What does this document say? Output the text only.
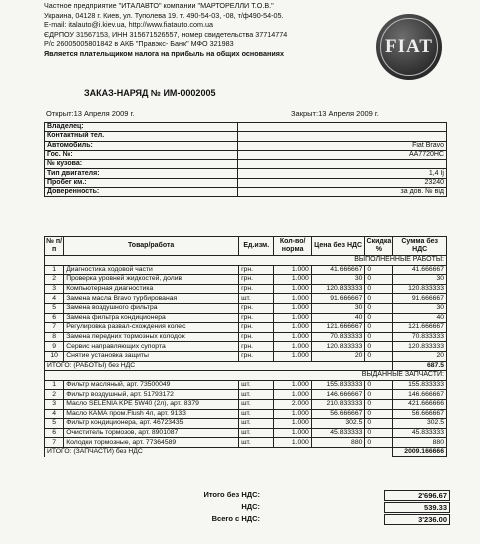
Частное предприятие "ИТАЛАВТО" компании "МАРТОРЕЛЛИ Т.О.В."
Украина, 04128 г. Киев, ул. Туполева 19. т. 490-54-03, -08, т/ф490-54-05.
E-mail: italauto@i.kiev.ua, http://www.fiatauto.com.ua
ЄДРПОУ 31567153, ИНН 315671526557, номер свидетельства 37714774
Р/с 26005005801842 в АКБ "Правэкс- Банк" МФО 321983
Является плательщиком налога на прибыль на общих основаниях	FIAT
ЗАКАЗ-НАРЯД № ИМ-0002005
Открыт:13 Апреля 2009 г.	Закрыт:13 Апреля 2009 г.
Владелец:	
Контактный тел.	
Автомобиль:	Fiat Bravo
Гос. №:	AA7720HC
№ кузова:	
Тип двигателя:	1,4 Ij
Пробег км.:	23240
Доверенность:	за дов. № від
№ п/п	Товар/работа	Ед.изм.	Кол-во/ норма	Цена без НДС	Скидка %	Сумма без НДС
ВЫПОЛНЕННЫЕ РАБОТЫ:						
1	Диагностика ходовой части	грн.	1.000	41.666667	0	41.666667
2	Проверка уровней жидкостей, долив	грн.	1.000	30	0	30
3	Компьютерная диагностика	грн.	1.000	120.833333	0	120.833333
4	Замена масла Bravo турбированая	шт.	1.000	91.666667	0	91.666667
5	Замена воздушного фильтра	грн.	1.000	30	0	30
6	Замена фильтра кондиционера	грн.	1.000	40	0	40
7	Регулировка развал-схождения колес	грн.	1.000	121.666667	0	121.666667
8	Замена передних тормозных колодок	грн.	1.000	70.833333	0	70.833333
9	Сервис направляющих супорта	грн.	1.000	120.833333	0	120.833333
10	Снятие установка защиты	грн.	1.000	20	0	20
ИТОГО: (РАБОТЫ) без НДС						687.5
ВЫДАННЫЕ ЗАПЧАСТИ:						
1	Фильтр масляный, арт. 73500049	шт.	1.000	155.833333	0	155.833333
2	Фильтр воздушный, арт. 51793172	шт.	1.000	146.666667	0	146.666667
3	Масло SELENIA KPE 5W40 (2л), арт. 8379	шт.	2.000	210.833333	0	421.666666
4	Масло КАМА пром.Flush 4л, арт. 9133	шт.	1.000	56.666667	0	56.666667
5	Фильтр кондиционера, арт. 46723435	шт.	1.000	302.5	0	302.5
6	Очиститель тормозов, арт. 8901087	шт.	1.000	45.833333	0	45.833333
7	Колодки тормозные, арт. 77364589	шт.	1.000	880	0	880
ИТОГО: (ЗАПЧАСТИ) без НДС						2009.166666
Итого без НДС:	2'696.67
НДС:	539.33
Всего с НДС:	3'236.00
